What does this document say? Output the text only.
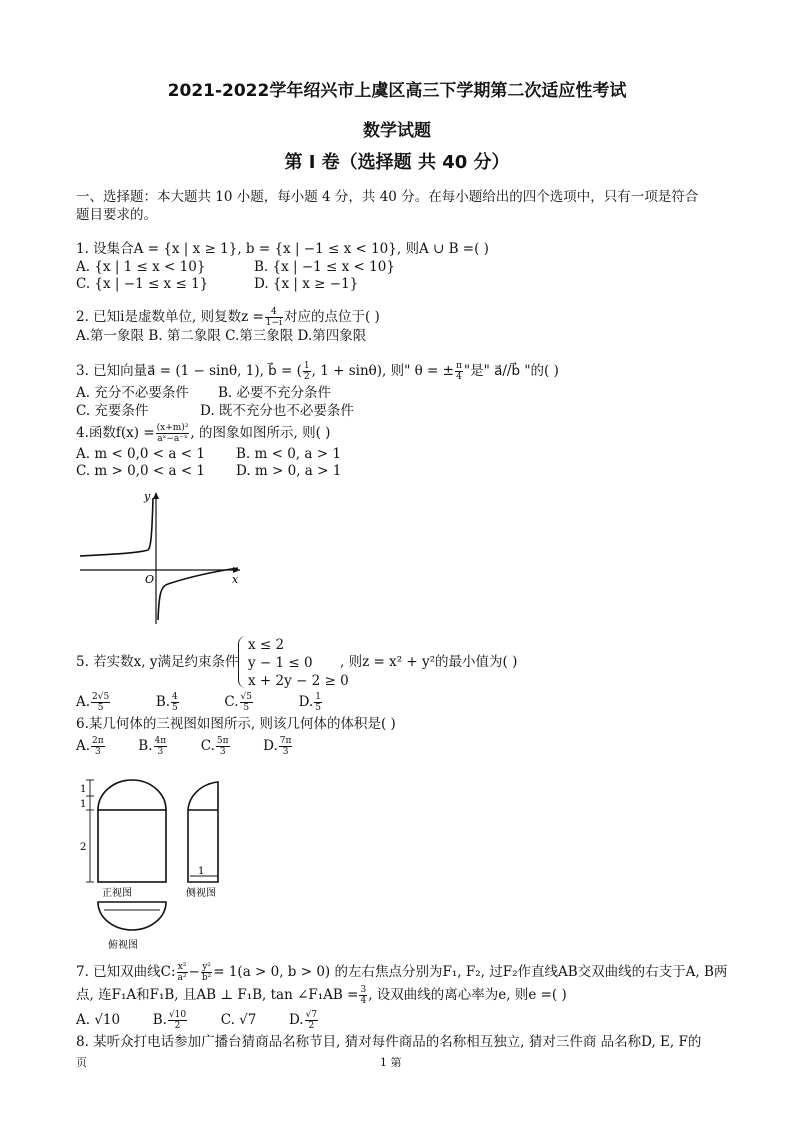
2021-2022学年绍兴市上虞区高三下学期第二次适应性考试
数学试题
第 I 卷（选择题 共 40 分）
一、选择题：本大题共 10 小题，每小题 4 分，共 40 分。在每小题给出的四个选项中，只有一项是符合
题目要求的。
1. 设集合A = {x | x ≥ 1}, b = {x | −1 ≤ x < 10}, 则A ∪ B =( )
A. {x | 1 ≤ x < 10}	B. {x | −1 ≤ x < 10}
C. {x | −1 ≤ x ≤ 1}	D. {x | x ≥ −1}
2. 已知i是虚数单位, 则复数$z = \frac{4}{1-i}$ 对应的点位于( )
A.第一象限 B. 第二象限 C.第三象限 D.第四象限
3. 已知向量a⃗ = (1 − sinθ, 1), b⃗ = ( $\frac{1}{2}$ , 1 + sinθ), 则" θ = ± $\frac{\pi}{4}$ "是" a⃗//b⃗ "的( )
A. 充分不必要条件 B. 必要不充分条件
C. 充要条件	D. 既不充分也不必要条件
4.函数$f(x) = \frac{\text{(x+m)²}}{\text{aˣ−a⁻ˣ}}$ , 的图象如图所示, 则( )
A. m < 0,0 < a < 1 B. m < 0, a > 1
C. m > 0,0 < a < 1 D. m > 0, a > 1
y
O	x
5. 若实数x, y满足约束条件
x ≤ 2
y − 1 ≤ 0
x + 2y − 2 ≥ 0
, 则z = x² + y²的最小值为( )
A. $\frac{2√5}{5}$	B. $\frac{4}{5}$	C. $\frac{√5}{5}$	D. $\frac{1}{5}$
6.某几何体的三视图如图所示, 则该几何体的体积是( )
A. $\frac{2\pi}{3} B$. $\frac{4\pi}{3} C$. $\frac{5\pi}{3} D$. $\frac{7\pi}{3}$
1
1
2
正视图
1
侧视图
俯视图
7. 已知双曲线C: $\frac{\text{x²}}{\text{a²}} - \frac{\text{y²}}{\text{b²}} = 1(a > 0$, b > 0) 的左右焦点分别为F₁, F₂, 过F₂作直线AB交双曲线的右支于A, B两
点, 连F₁A和F₁B, 且AB ⊥ F₁B, tan ∠F₁AB = $\frac{3}{4}$ , 设双曲线的离心率为e, 则e =( )
A. √10 B. $\frac{√10}{2} C$. √7 D. $\frac{√7}{2}$
8. 某听众打电话参加广播台猜商品名称节目, 猜对每件商品的名称相互独立, 猜对三件商 品名称D, E, F的
页	1 第
